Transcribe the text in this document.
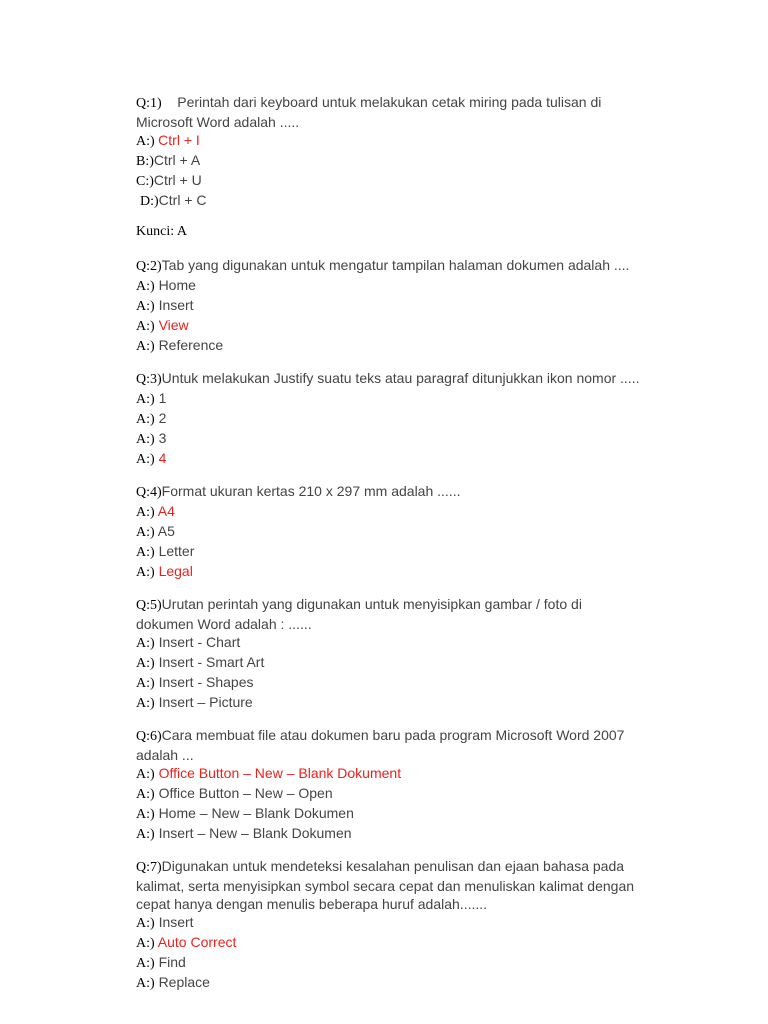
Q:1)    Perintah dari keyboard untuk melakukan cetak miring pada tulisan di
Microsoft Word adalah .....
A:) Ctrl + I
B:)Ctrl + A
C:)Ctrl + U
D:)Ctrl + C
Kunci: A
Q:2)Tab yang digunakan untuk mengatur tampilan halaman dokumen adalah ....
A:) Home
A:) Insert
A:) View
A:) Reference
Q:3)Untuk melakukan Justify suatu teks atau paragraf ditunjukkan ikon nomor .....
A:) 1
A:) 2
A:) 3
A:) 4
Q:4)Format ukuran kertas 210 x 297 mm adalah ......
A:) A4
A:) A5
A:) Letter
A:) Legal
Q:5)Urutan perintah yang digunakan untuk menyisipkan gambar / foto di
dokumen Word adalah : ......
A:) Insert - Chart
A:) Insert - Smart Art
A:) Insert - Shapes
A:) Insert – Picture
Q:6)Cara membuat file atau dokumen baru pada program Microsoft Word 2007
adalah ...
A:) Office Button – New – Blank Dokument
A:) Office Button – New – Open
A:) Home – New – Blank Dokumen
A:) Insert – New – Blank Dokumen
Q:7)Digunakan untuk mendeteksi kesalahan penulisan dan ejaan bahasa pada
kalimat, serta menyisipkan symbol secara cepat dan menuliskan kalimat dengan
cepat hanya dengan menulis beberapa huruf adalah.......
A:) Insert
A:) Auto Correct
A:) Find
A:) Replace
